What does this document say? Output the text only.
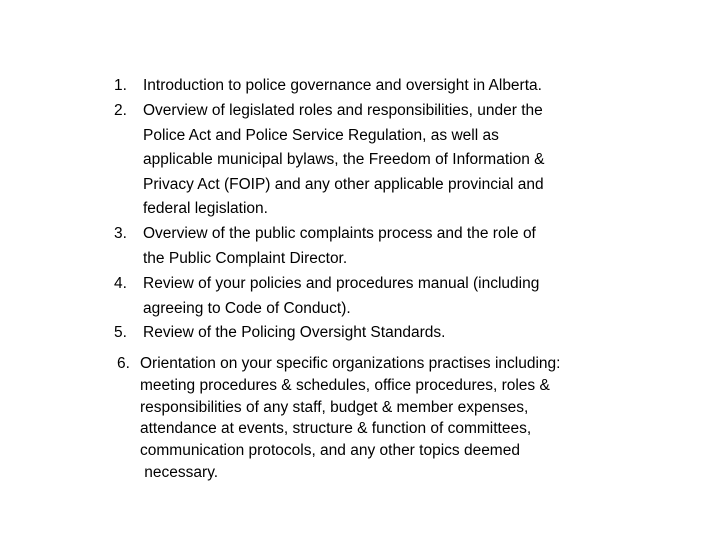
1. Introduction to police governance and oversight in Alberta.
2. Overview of legislated roles and responsibilities, under the
Police Act and Police Service Regulation, as well as
applicable municipal bylaws, the Freedom of Information &
Privacy Act (FOIP) and any other applicable provincial and
federal legislation.
3. Overview of the public complaints process and the role of
the Public Complaint Director.
4. Review of your policies and procedures manual (including
agreeing to Code of Conduct).
5. Review of the Policing Oversight Standards.
6. Orientation on your specific organizations practises including:
meeting procedures & schedules, office procedures, roles &
responsibilities of any staff, budget & member expenses,
attendance at events, structure & function of committees,
communication protocols, and any other topics deemed
necessary.
